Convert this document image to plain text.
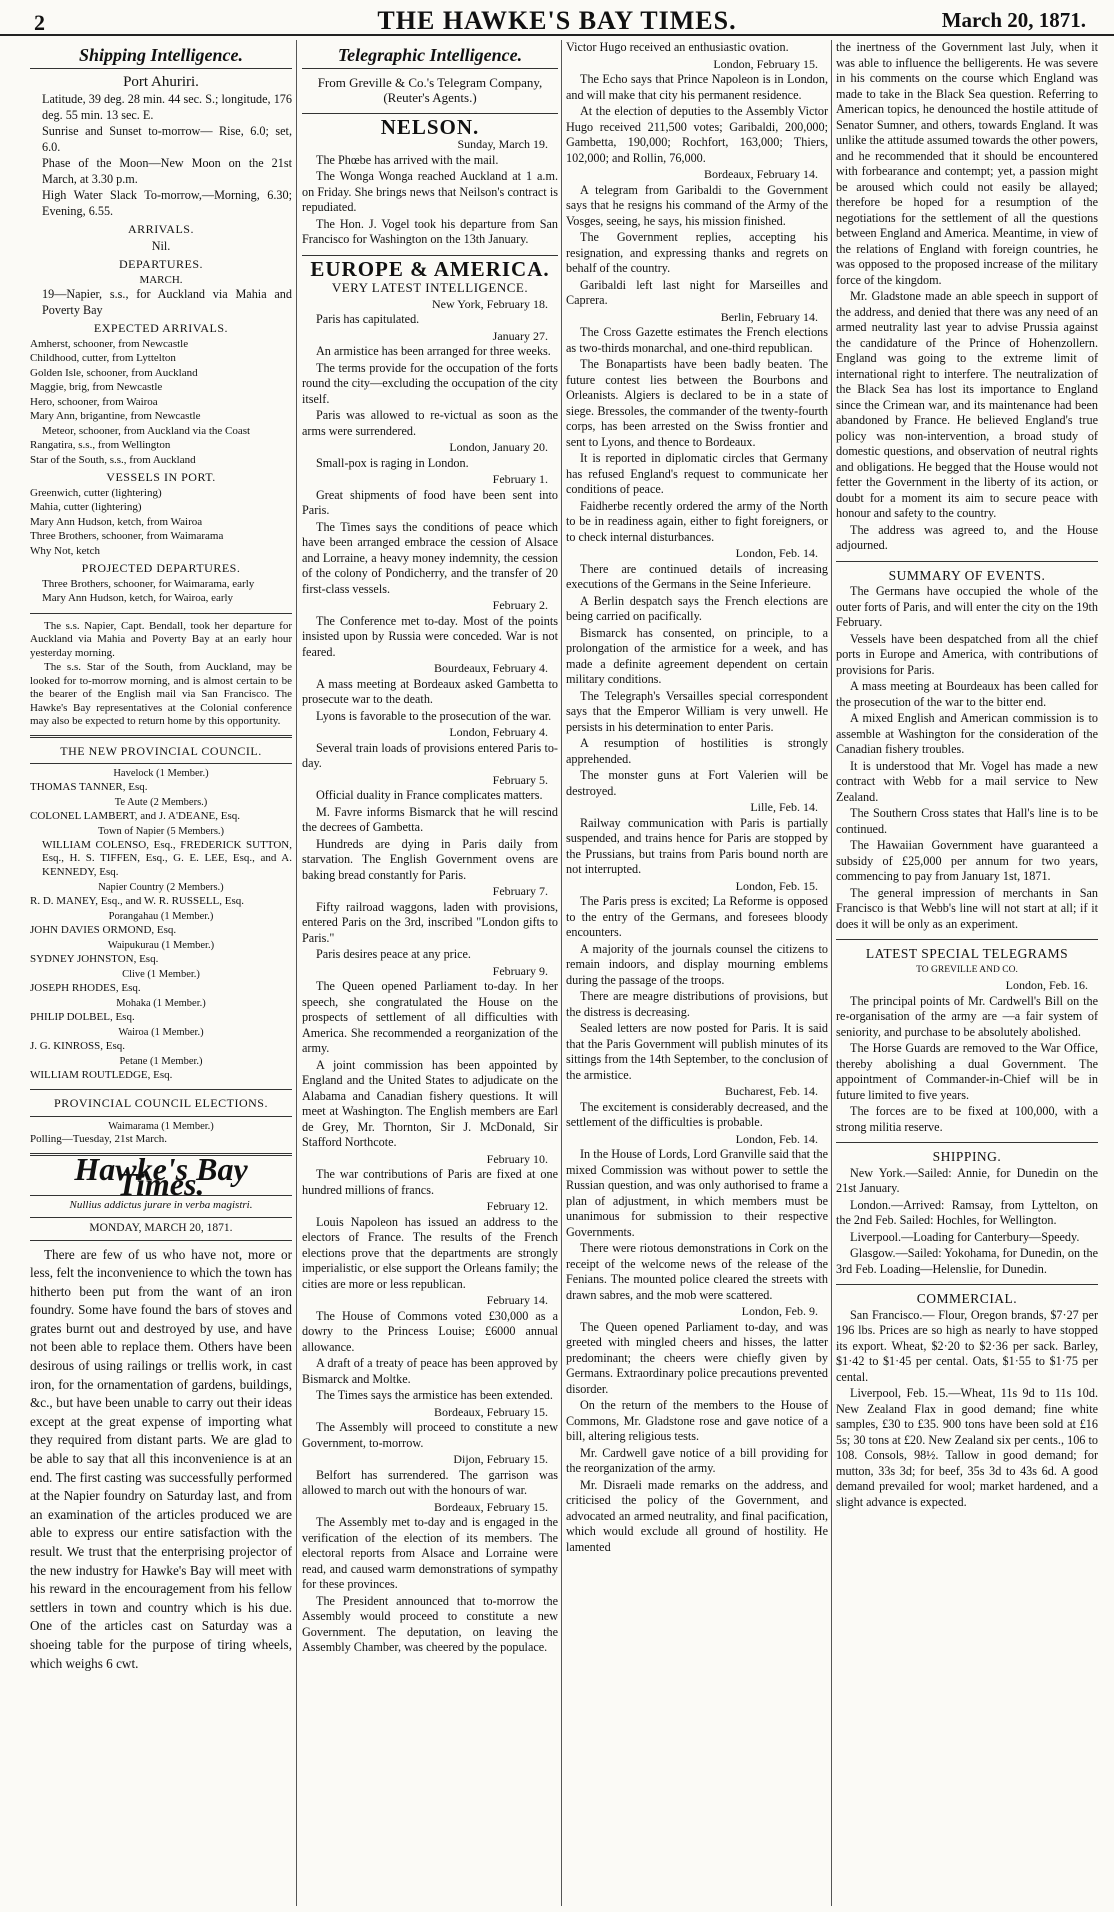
2	THE HAWKE'S BAY TIMES.	March 20, 1871.
Shipping Intelligence.
Port Ahuriri.

Latitude, 39 deg. 28 min. 44 sec. S.; longitude, 176 deg. 55 min. 13 sec. E.

Sunrise and Sunset to-morrow— Rise, 6.0; set, 6.0.

Phase of the Moon—New Moon on the 21st March, at 3.30 p.m.

High Water Slack To-morrow,—Morning, 6.30; Evening, 6.55.

ARRIVALS.
Nil.
DEPARTURES.
MARCH.

19—Napier, s.s., for Auckland via Mahia and Poverty Bay

EXPECTED ARRIVALS.

Amherst, schooner, from Newcastle

Childhood, cutter, from Lyttelton

Golden Isle, schooner, from Auckland

Maggie, brig, from Newcastle

Hero, schooner, from Wairoa

Mary Ann, brigantine, from Newcastle

Meteor, schooner, from Auckland via the Coast

Rangatira, s.s., from Wellington

Star of the South, s.s., from Auckland

VESSELS IN PORT.

Greenwich, cutter (lightering)

Mahia, cutter (lightering)

Mary Ann Hudson, ketch, from Wairoa

Three Brothers, schooner, from Waimarama

Why Not, ketch

PROJECTED DEPARTURES.

Three Brothers, schooner, for Waimarama, early

Mary Ann Hudson, ketch, for Wairoa, early

The s.s. Napier, Capt. Bendall, took her departure for Auckland via Mahia and Poverty Bay at an early hour yesterday morning.

The s.s. Star of the South, from Auckland, may be looked for to-morrow morning, and is almost certain to be the bearer of the English mail via San Francisco. The Hawke's Bay representatives at the Colonial conference may also be expected to return home by this opportunity.

THE NEW PROVINCIAL COUNCIL.
Havelock (1 Member.)

THOMAS TANNER, Esq.

Te Aute (2 Members.)

COLONEL LAMBERT, and J. A'DEANE, Esq.

Town of Napier (5 Members.)

WILLIAM COLENSO, Esq., FREDERICK SUTTON, Esq., H. S. TIFFEN, Esq., G. E. LEE, Esq., and A. KENNEDY, Esq.

Napier Country (2 Members.)

R. D. MANEY, Esq., and W. R. RUSSELL, Esq.

Porangahau (1 Member.)

JOHN DAVIES ORMOND, Esq.

Waipukurau (1 Member.)

SYDNEY JOHNSTON, Esq.

Clive (1 Member.)

JOSEPH RHODES, Esq.

Mohaka (1 Member.)

PHILIP DOLBEL, Esq.

Wairoa (1 Member.)

J. G. KINROSS, Esq.

Petane (1 Member.)

WILLIAM ROUTLEDGE, Esq.

PROVINCIAL COUNCIL ELECTIONS.
Waimarama (1 Member.)

Polling—Tuesday, 21st March.

Hawke's Bay Times.
Nullius addictus jurare in verba magistri.
MONDAY, MARCH 20, 1871.

There are few of us who have not, more or less, felt the inconvenience to which the town has hitherto been put from the want of an iron foundry. Some have found the bars of stoves and grates burnt out and destroyed by use, and have not been able to replace them. Others have been desirous of using railings or trellis work, in cast iron, for the ornamentation of gardens, buildings, &c., but have been unable to carry out their ideas except at the great expense of importing what they required from distant parts. We are glad to be able to say that all this inconvenience is at an end. The first casting was successfully performed at the Napier foundry on Saturday last, and from an examination of the articles produced we are able to express our entire satisfaction with the result. We trust that the enterprising projector of the new industry for Hawke's Bay will meet with his reward in the encouragement from his fellow settlers in town and country which is his due. One of the articles cast on Saturday was a shoeing table for the purpose of tiring wheels, which weighs 6 cwt.

Telegraphic Intelligence.
From Greville & Co.'s Telegram Company, (Reuter's Agents.)
NELSON.
Sunday, March 19.

The Phœbe has arrived with the mail.

The Wonga Wonga reached Auckland at 1 a.m. on Friday. She brings news that Neilson's contract is repudiated.

The Hon. J. Vogel took his departure from San Francisco for Washington on the 13th January.

EUROPE & AMERICA.
VERY LATEST INTELLIGENCE.
New York, February 18.

Paris has capitulated.

January 27.

An armistice has been arranged for three weeks.

The terms provide for the occupation of the forts round the city—excluding the occupation of the city itself.

Paris was allowed to re-victual as soon as the arms were surrendered.

London, January 20.

Small-pox is raging in London.

February 1.

Great shipments of food have been sent into Paris.

The Times says the conditions of peace which have been arranged embrace the cession of Alsace and Lorraine, a heavy money indemnity, the cession of the colony of Pondicherry, and the transfer of 20 first-class vessels.

February 2.

The Conference met to-day. Most of the points insisted upon by Russia were conceded. War is not feared.

Bourdeaux, February 4.

A mass meeting at Bordeaux asked Gambetta to prosecute war to the death.

Lyons is favorable to the prosecution of the war.

London, February 4.

Several train loads of provisions entered Paris to-day.

February 5.

Official duality in France complicates matters.

M. Favre informs Bismarck that he will rescind the decrees of Gambetta.

Hundreds are dying in Paris daily from starvation. The English Government ovens are baking bread constantly for Paris.

February 7.

Fifty railroad waggons, laden with provisions, entered Paris on the 3rd, inscribed "London gifts to Paris."

Paris desires peace at any price.

February 9.

The Queen opened Parliament to-day. In her speech, she congratulated the House on the prospects of settlement of all difficulties with America. She recommended a reorganization of the army.

A joint commission has been appointed by England and the United States to adjudicate on the Alabama and Canadian fishery questions. It will meet at Washington. The English members are Earl de Grey, Mr. Thornton, Sir J. McDonald, Sir Stafford Northcote.

February 10.

The war contributions of Paris are fixed at one hundred millions of francs.

February 12.

Louis Napoleon has issued an address to the electors of France. The results of the French elections prove that the departments are strongly imperialistic, or else support the Orleans family; the cities are more or less republican.

February 14.

The House of Commons voted £30,000 as a dowry to the Princess Louise; £6000 annual allowance.

A draft of a treaty of peace has been approved by Bismarck and Moltke.

The Times says the armistice has been extended.

Bordeaux, February 15.

The Assembly will proceed to constitute a new Government, to-morrow.

Dijon, February 15.

Belfort has surrendered. The garrison was allowed to march out with the honours of war.

Bordeaux, February 15.

The Assembly met to-day and is engaged in the verification of the election of its members. The electoral reports from Alsace and Lorraine were read, and caused warm demonstrations of sympathy for these provinces.

The President announced that to-morrow the Assembly would proceed to constitute a new Government. The deputation, on leaving the Assembly Chamber, was cheered by the populace.

Victor Hugo received an enthusiastic ovation.

London, February 15.

The Echo says that Prince Napoleon is in London, and will make that city his permanent residence.

At the election of deputies to the Assembly Victor Hugo received 211,500 votes; Garibaldi, 200,000; Gambetta, 190,000; Rochfort, 163,000; Thiers, 102,000; and Rollin, 76,000.

Bordeaux, February 14.

A telegram from Garibaldi to the Government says that he resigns his command of the Army of the Vosges, seeing, he says, his mission finished.

The Government replies, accepting his resignation, and expressing thanks and regrets on behalf of the country.

Garibaldi left last night for Marseilles and Caprera.

Berlin, February 14.

The Cross Gazette estimates the French elections as two-thirds monarchal, and one-third republican.

The Bonapartists have been badly beaten. The future contest lies between the Bourbons and Orleanists. Algiers is declared to be in a state of siege. Bressoles, the commander of the twenty-fourth corps, has been arrested on the Swiss frontier and sent to Lyons, and thence to Bordeaux.

It is reported in diplomatic circles that Germany has refused England's request to communicate her conditions of peace.

Faidherbe recently ordered the army of the North to be in readiness again, either to fight foreigners, or to check internal disturbances.

London, Feb. 14.

There are continued details of increasing executions of the Germans in the Seine Inferieure.

A Berlin despatch says the French elections are being carried on pacifically.

Bismarck has consented, on principle, to a prolongation of the armistice for a week, and has made a definite agreement dependent on certain military conditions.

The Telegraph's Versailles special correspondent says that the Emperor William is very unwell. He persists in his determination to enter Paris.

A resumption of hostilities is strongly apprehended.

The monster guns at Fort Valerien will be destroyed.

Lille, Feb. 14.

Railway communication with Paris is partially suspended, and trains hence for Paris are stopped by the Prussians, but trains from Paris bound north are not interrupted.

London, Feb. 15.

The Paris press is excited; La Reforme is opposed to the entry of the Germans, and foresees bloody encounters.

A majority of the journals counsel the citizens to remain indoors, and display mourning emblems during the passage of the troops.

There are meagre distributions of provisions, but the distress is decreasing.

Sealed letters are now posted for Paris. It is said that the Paris Government will publish minutes of its sittings from the 14th September, to the conclusion of the armistice.

Bucharest, Feb. 14.

The excitement is considerably decreased, and the settlement of the difficulties is probable.

London, Feb. 14.

In the House of Lords, Lord Granville said that the mixed Commission was without power to settle the Russian question, and was only authorised to frame a plan of adjustment, in which members must be unanimous for submission to their respective Governments.

There were riotous demonstrations in Cork on the receipt of the welcome news of the release of the Fenians. The mounted police cleared the streets with drawn sabres, and the mob were scattered.

London, Feb. 9.

The Queen opened Parliament to-day, and was greeted with mingled cheers and hisses, the latter predominant; the cheers were chiefly given by Germans. Extraordinary police precautions prevented disorder.

On the return of the members to the House of Commons, Mr. Gladstone rose and gave notice of a bill, altering religious tests.

Mr. Cardwell gave notice of a bill providing for the reorganization of the army.

Mr. Disraeli made remarks on the address, and criticised the policy of the Government, and advocated an armed neutrality, and final pacification, which would exclude all ground of hostility. He lamented

the inertness of the Government last July, when it was able to influence the belligerents. He was severe in his comments on the course which England was made to take in the Black Sea question. Referring to American topics, he denounced the hostile attitude of Senator Sumner, and others, towards England. It was unlike the attitude assumed towards the other powers, and he recommended that it should be encountered with forbearance and contempt; yet, a passion might be aroused which could not easily be allayed; therefore be hoped for a resumption of the negotiations for the settlement of all the questions between England and America. Meantime, in view of the relations of England with foreign countries, he was opposed to the proposed increase of the military force of the kingdom.

Mr. Gladstone made an able speech in support of the address, and denied that there was any need of an armed neutrality last year to advise Prussia against the candidature of the Prince of Hohenzollern. England was going to the extreme limit of international right to interfere. The neutralization of the Black Sea has lost its importance to England since the Crimean war, and its maintenance had been abandoned by France. He believed England's true policy was non-intervention, a broad study of domestic questions, and observation of neutral rights and obligations. He begged that the House would not fetter the Government in the liberty of its action, or doubt for a moment its aim to secure peace with honour and safety to the country.

The address was agreed to, and the House adjourned.

SUMMARY OF EVENTS.

The Germans have occupied the whole of the outer forts of Paris, and will enter the city on the 19th February.

Vessels have been despatched from all the chief ports in Europe and America, with contributions of provisions for Paris.

A mass meeting at Bourdeaux has been called for the prosecution of the war to the bitter end.

A mixed English and American commission is to assemble at Washington for the consideration of the Canadian fishery troubles.

It is understood that Mr. Vogel has made a new contract with Webb for a mail service to New Zealand.

The Southern Cross states that Hall's line is to be continued.

The Hawaiian Government have guaranteed a subsidy of £25,000 per annum for two years, commencing to pay from January 1st, 1871.

The general impression of merchants in San Francisco is that Webb's line will not start at all; if it does it will be only as an experiment.

LATEST SPECIAL TELEGRAMS
TO GREVILLE AND CO.
London, Feb. 16.

The principal points of Mr. Cardwell's Bill on the re-organisation of the army are —a fair system of seniority, and purchase to be absolutely abolished.

The Horse Guards are removed to the War Office, thereby abolishing a dual Government. The appointment of Commander-in-Chief will be in future limited to five years.

The forces are to be fixed at 100,000, with a strong militia reserve.

SHIPPING.

New York.—Sailed: Annie, for Dunedin on the 21st January.

London.—Arrived: Ramsay, from Lyttelton, on the 2nd Feb. Sailed: Hochles, for Wellington.

Liverpool.—Loading for Canterbury—Speedy.

Glasgow.—Sailed: Yokohama, for Dunedin, on the 3rd Feb. Loading—Helenslie, for Dunedin.

COMMERCIAL.

San Francisco.— Flour, Oregon brands, $7·27 per 196 lbs. Prices are so high as nearly to have stopped its export. Wheat, $2·20 to $2·36 per sack. Barley, $1·42 to $1·45 per cental. Oats, $1·55 to $1·75 per cental.

Liverpool, Feb. 15.—Wheat, 11s 9d to 11s 10d. New Zealand Flax in good demand; fine white samples, £30 to £35. 900 tons have been sold at £16 5s; 30 tons at £20. New Zealand six per cents., 106 to 108. Consols, 98½. Tallow in good demand; for mutton, 33s 3d; for beef, 35s 3d to 43s 6d. A good demand prevailed for wool; market hardened, and a slight advance is expected.
